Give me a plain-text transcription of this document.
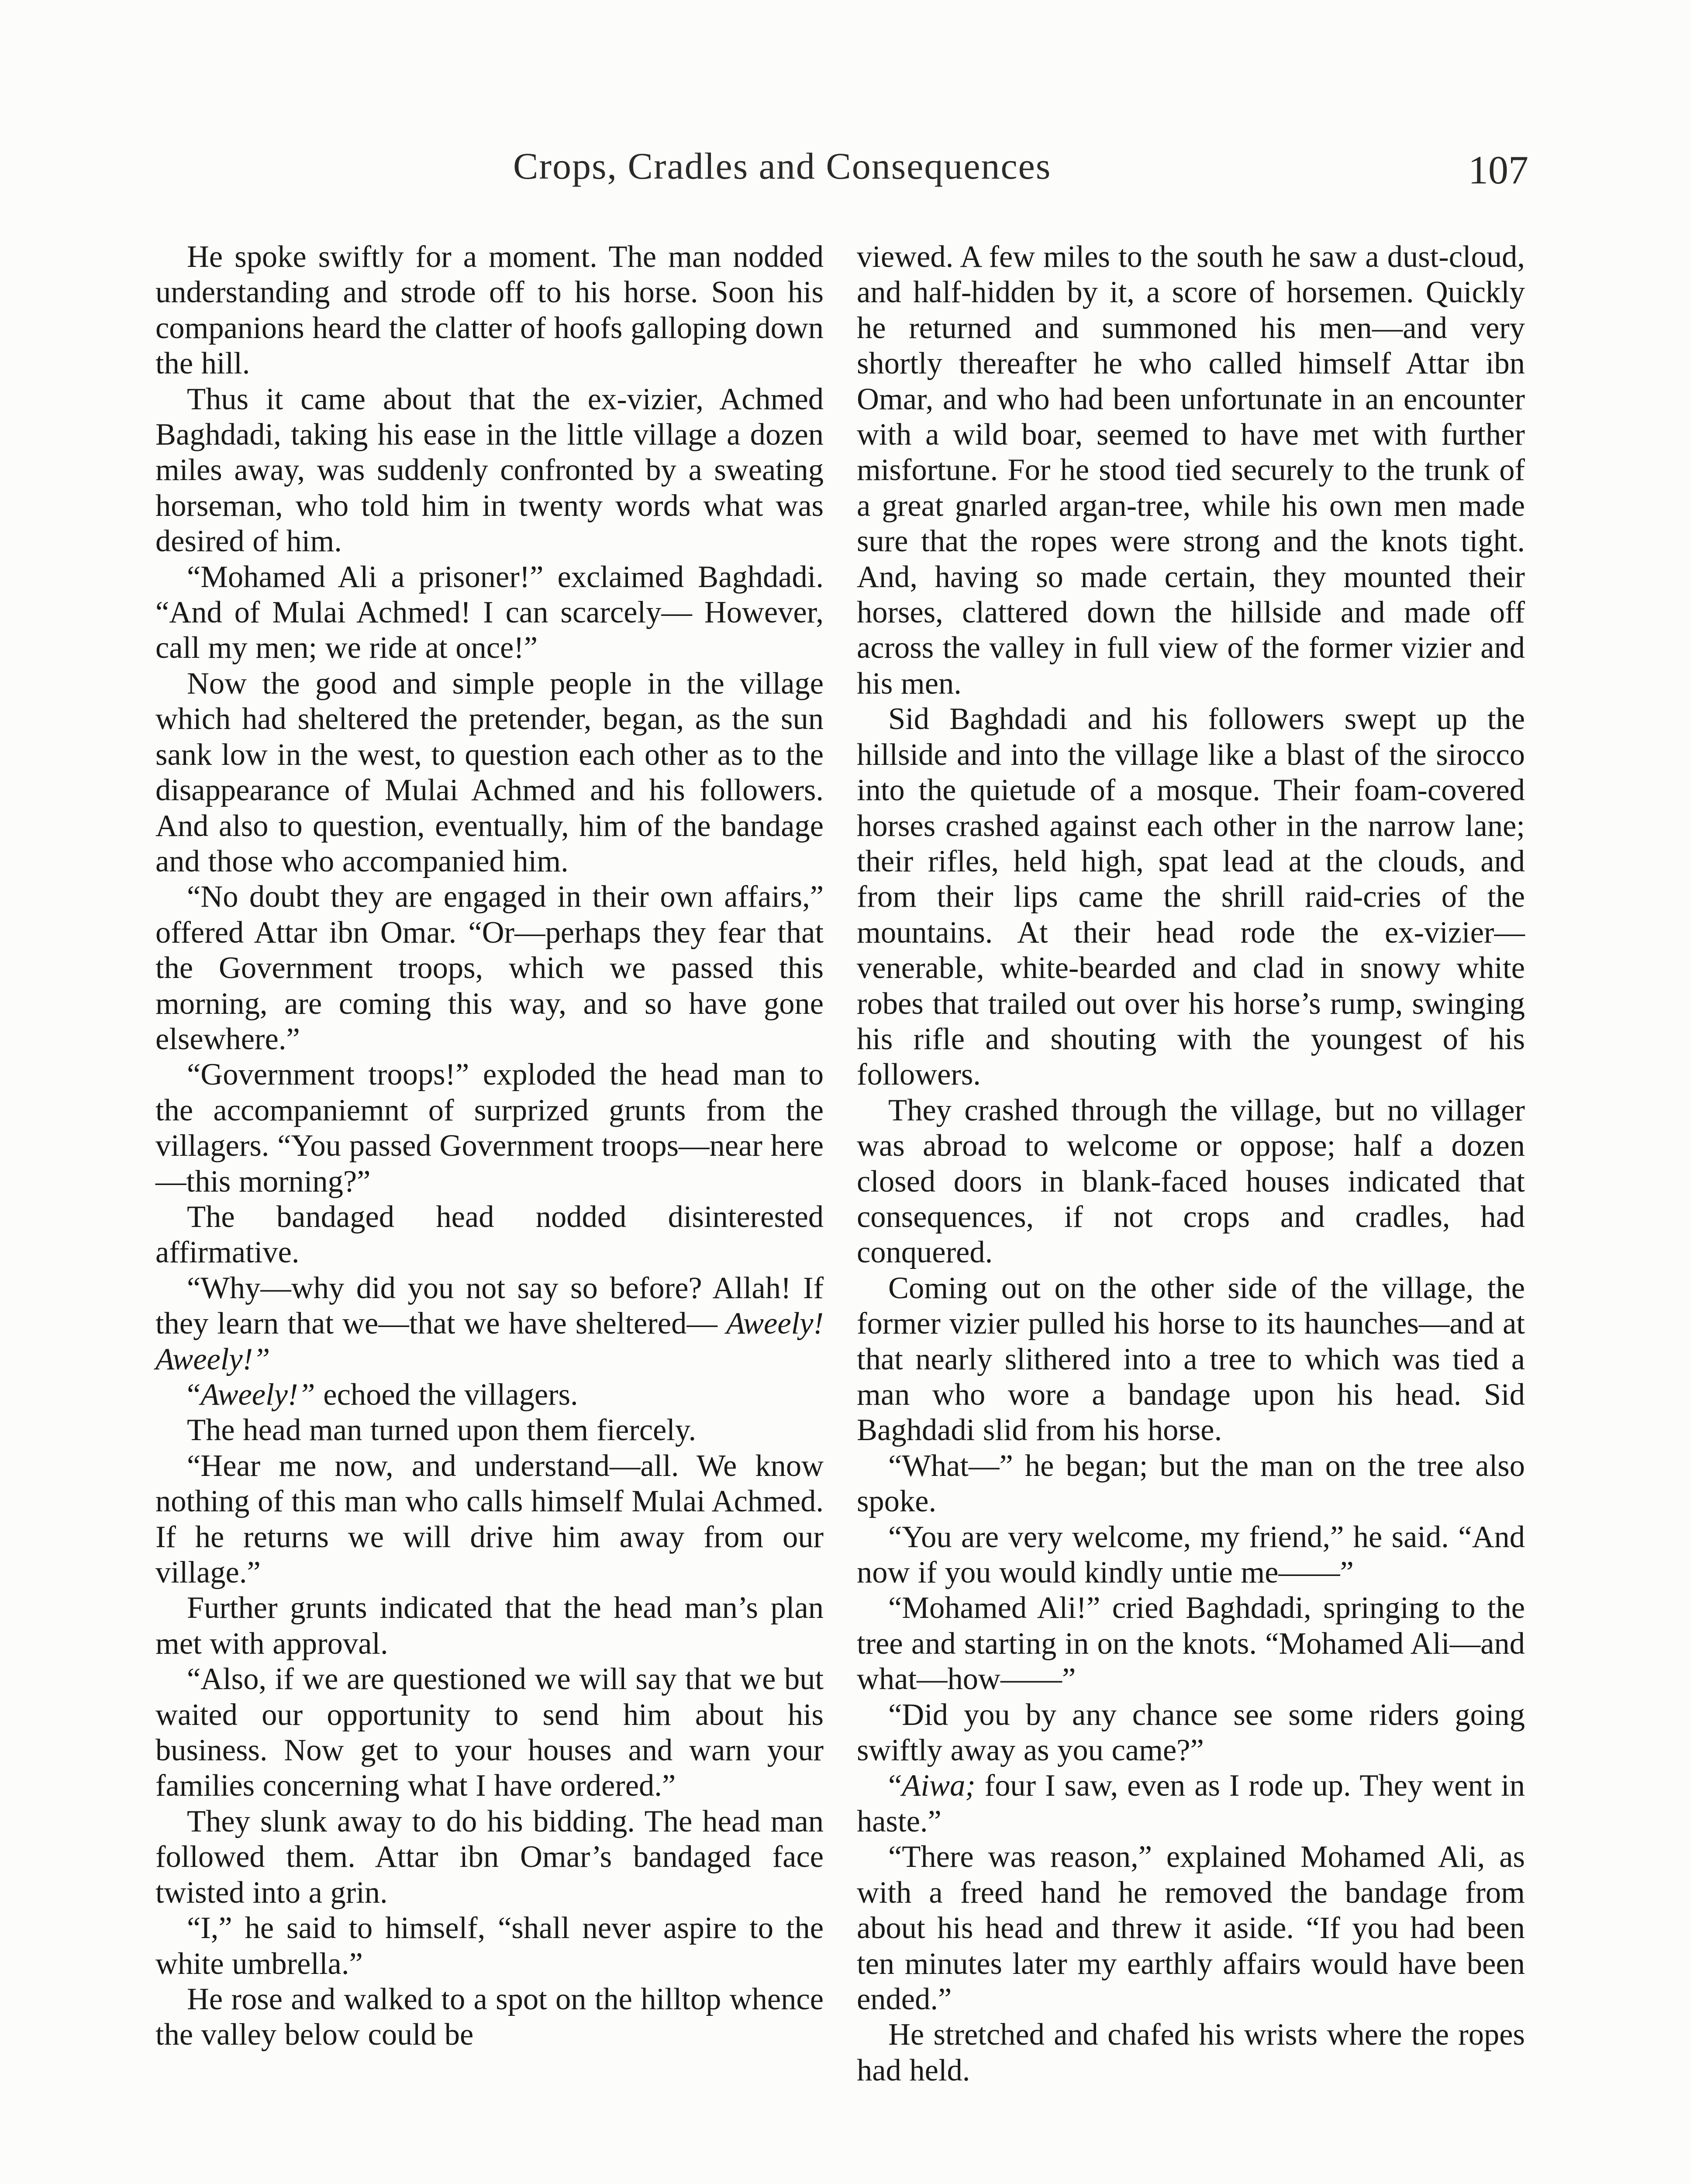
Crops, Cradles and Consequences	107

He spoke swiftly for a moment. The man nodded understanding and strode off to his horse. Soon his companions heard the clatter of hoofs galloping down the hill.

Thus it came about that the ex-vizier, Achmed Baghdadi, taking his ease in the little village a dozen miles away, was suddenly confronted by a sweating horseman, who told him in twenty words what was desired of him.

“Mohamed Ali a prisoner!” exclaimed Baghdadi. “And of Mulai Achmed! I can scarcely— However, call my men; we ride at once!”

Now the good and simple people in the village which had sheltered the pretender, began, as the sun sank low in the west, to question each other as to the disappearance of Mulai Achmed and his followers. And also to question, eventually, him of the bandage and those who accompanied him.

“No doubt they are engaged in their own affairs,” offered Attar ibn Omar. “Or—perhaps they fear that the Government troops, which we passed this morning, are coming this way, and so have gone elsewhere.”

“Government troops!” exploded the head man to the accompaniemnt of surprized grunts from the villagers. “You passed Government troops—near here—this morning?”

The bandaged head nodded disinterested affirmative.

“Why—why did you not say so before? Allah! If they learn that we—that we have sheltered— Aweely! Aweely!”

“Aweely!” echoed the villagers.

The head man turned upon them fiercely.

“Hear me now, and understand—all. We know nothing of this man who calls himself Mulai Achmed. If he returns we will drive him away from our village.”

Further grunts indicated that the head man’s plan met with approval.

“Also, if we are questioned we will say that we but waited our opportunity to send him about his business. Now get to your houses and warn your families concerning what I have ordered.”

They slunk away to do his bidding. The head man followed them. Attar ibn Omar’s bandaged face twisted into a grin.

“I,” he said to himself, “shall never aspire to the white umbrella.”

He rose and walked to a spot on the hilltop whence the valley below could be

viewed. A few miles to the south he saw a dust-cloud, and half-hidden by it, a score of horsemen. Quickly he returned and summoned his men—and very shortly thereafter he who called himself Attar ibn Omar, and who had been unfortunate in an encounter with a wild boar, seemed to have met with further misfortune. For he stood tied securely to the trunk of a great gnarled argan-tree, while his own men made sure that the ropes were strong and the knots tight. And, having so made certain, they mounted their horses, clattered down the hillside and made off across the valley in full view of the former vizier and his men.

Sid Baghdadi and his followers swept up the hillside and into the village like a blast of the sirocco into the quietude of a mosque. Their foam-covered horses crashed against each other in the narrow lane; their rifles, held high, spat lead at the clouds, and from their lips came the shrill raid-cries of the mountains. At their head rode the ex-vizier—venerable, white-bearded and clad in snowy white robes that trailed out over his horse’s rump, swinging his rifle and shouting with the youngest of his followers.

They crashed through the village, but no villager was abroad to welcome or oppose; half a dozen closed doors in blank-faced houses indicated that consequences, if not crops and cradles, had conquered.

Coming out on the other side of the village, the former vizier pulled his horse to its haunches—and at that nearly slithered into a tree to which was tied a man who wore a bandage upon his head. Sid Baghdadi slid from his horse.

“What—” he began; but the man on the tree also spoke.

“You are very welcome, my friend,” he said. “And now if you would kindly untie me——”

“Mohamed Ali!” cried Baghdadi, springing to the tree and starting in on the knots. “Mohamed Ali—and what—how——”

“Did you by any chance see some riders going swiftly away as you came?”

“Aiwa; four I saw, even as I rode up. They went in haste.”

“There was reason,” explained Mohamed Ali, as with a freed hand he removed the bandage from about his head and threw it aside. “If you had been ten minutes later my earthly affairs would have been ended.”

He stretched and chafed his wrists where the ropes had held.
